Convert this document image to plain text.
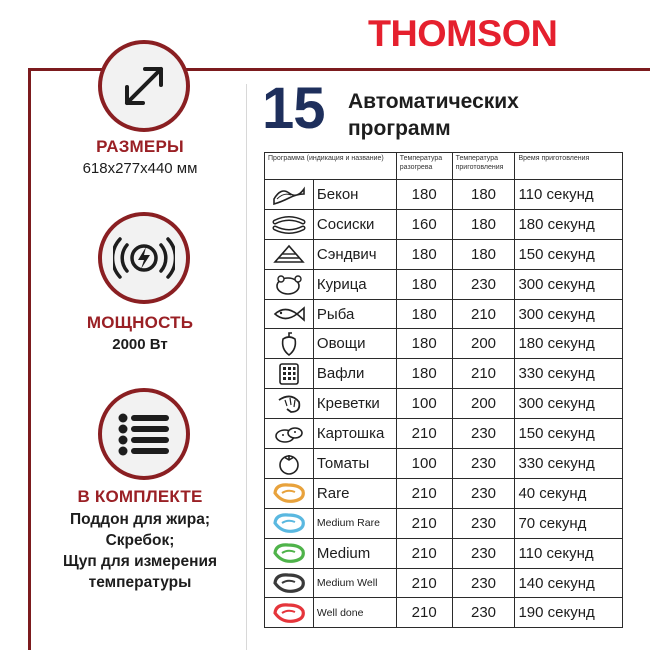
THOMSON
РАЗМЕРЫ
618x277x440 мм
МОЩНОСТЬ
2000 Вт
В КОМПЛЕКТЕ
Поддон для жира;
Скребок;
Щуп для измерения
температуры
15 Автоматических
программ
Программа (индикация и название)		Температура разогрева	Температура приготовления	Время приготовления

	Бекон	180	180	110 секунд

	Сосиски	160	180	180 секунд

	Сэндвич	180	180	150 секунд

	Курица	180	230	300 секунд

	Рыба	180	210	300 секунд

	Овощи	180	200	180 секунд

	Вафли	180	210	330 секунд

	Креветки	100	200	300 секунд

	Картошка	210	230	150 секунд

	Томаты	100	230	330 секунд

	Rare	210	230	40 секунд

	Medium Rare	210	230	70 секунд

	Medium	210	230	110 секунд

	Medium Well	210	230	140 секунд

	Well done	210	230	190 секунд
